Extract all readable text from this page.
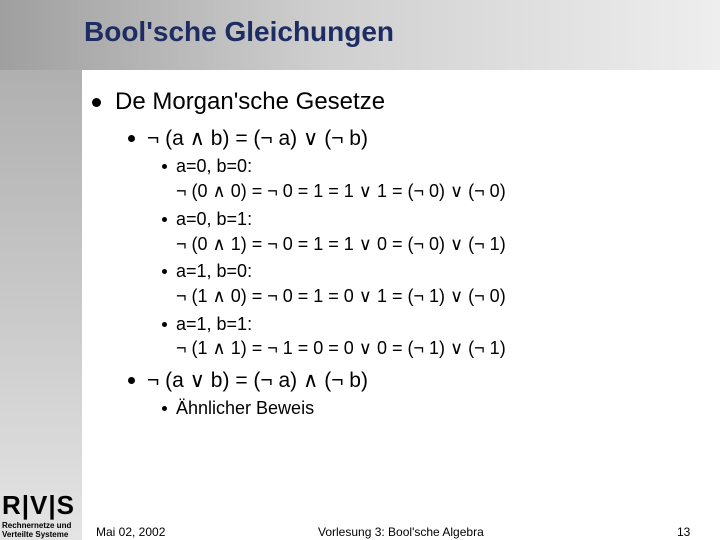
Bool'sche Gleichungen
De Morgan'sche Gesetze
¬ (a ∧ b) = (¬ a) ∨ (¬ b)
a=0, b=0:
¬ (0 ∧ 0) = ¬ 0 = 1 = 1 ∨ 1 = (¬ 0) ∨ (¬ 0)
a=0, b=1:
¬ (0 ∧ 1) = ¬ 0 = 1 = 1 ∨ 0 = (¬ 0) ∨ (¬ 1)
a=1, b=0:
¬ (1 ∧ 0) = ¬ 0 = 1 = 0 ∨ 1 = (¬ 1) ∨ (¬ 0)
a=1, b=1:
¬ (1 ∧ 1) = ¬ 1 = 0 = 0 ∨ 0 = (¬ 1) ∨ (¬ 1)
¬ (a ∨ b) = (¬ a) ∧ (¬ b)
Ähnlicher Beweis
R|V|S
Rechnernetze und
Verteilte Systeme Mai 02, 2002	Vorlesung 3: Bool'sche Algebra	13
